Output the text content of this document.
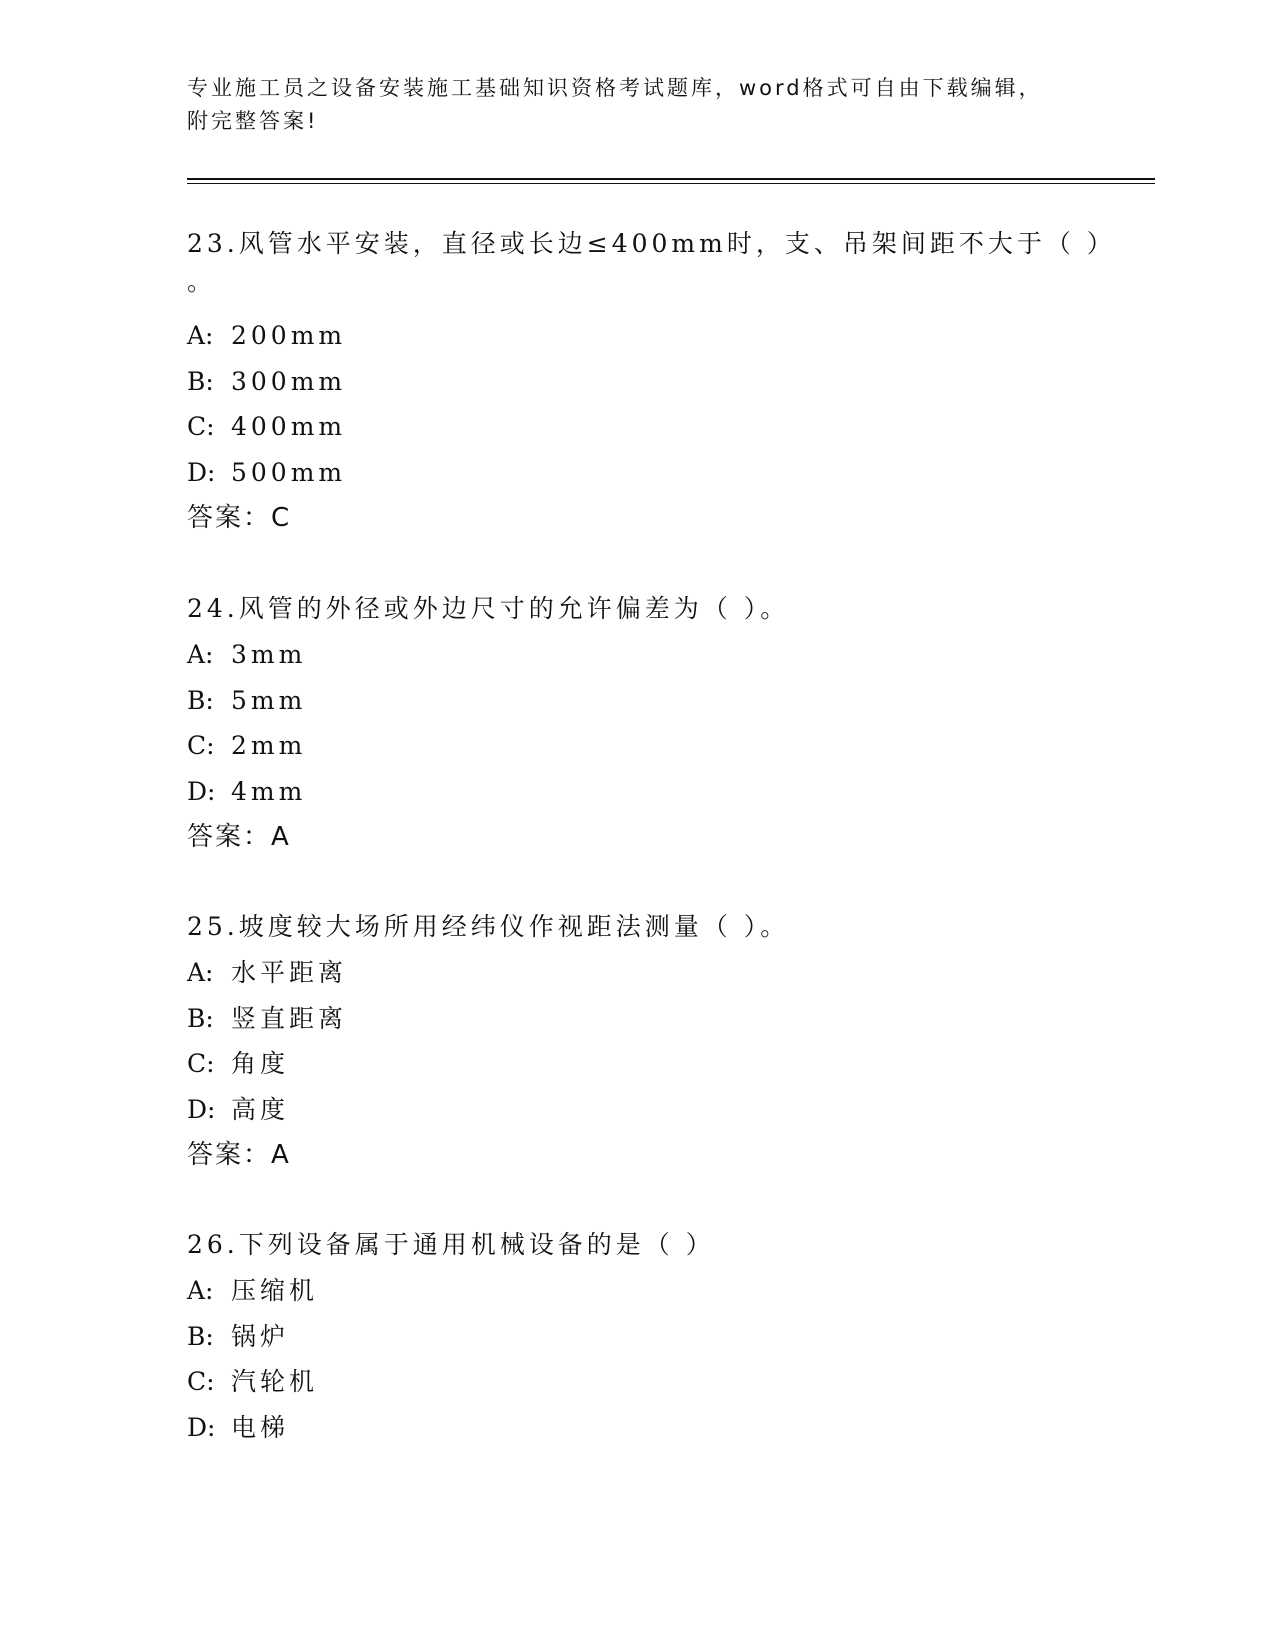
专业施工员之设备安装施工基础知识资格考试题库，word格式可自由下载编辑，
附完整答案!
23.风管水平安装，直径或长边≤400mm时，支、吊架间距不大于（ ）
。
A: 200mm
B: 300mm
C: 400mm
D: 500mm
答案：C
24.风管的外径或外边尺寸的允许偏差为（ ）。
A: 3mm
B: 5mm
C: 2mm
D: 4mm
答案：A
25.坡度较大场所用经纬仪作视距法测量（ ）。
A: 水平距离
B: 竖直距离
C: 角度
D: 高度
答案：A
26.下列设备属于通用机械设备的是（ ）
A: 压缩机
B: 锅炉
C: 汽轮机
D: 电梯
